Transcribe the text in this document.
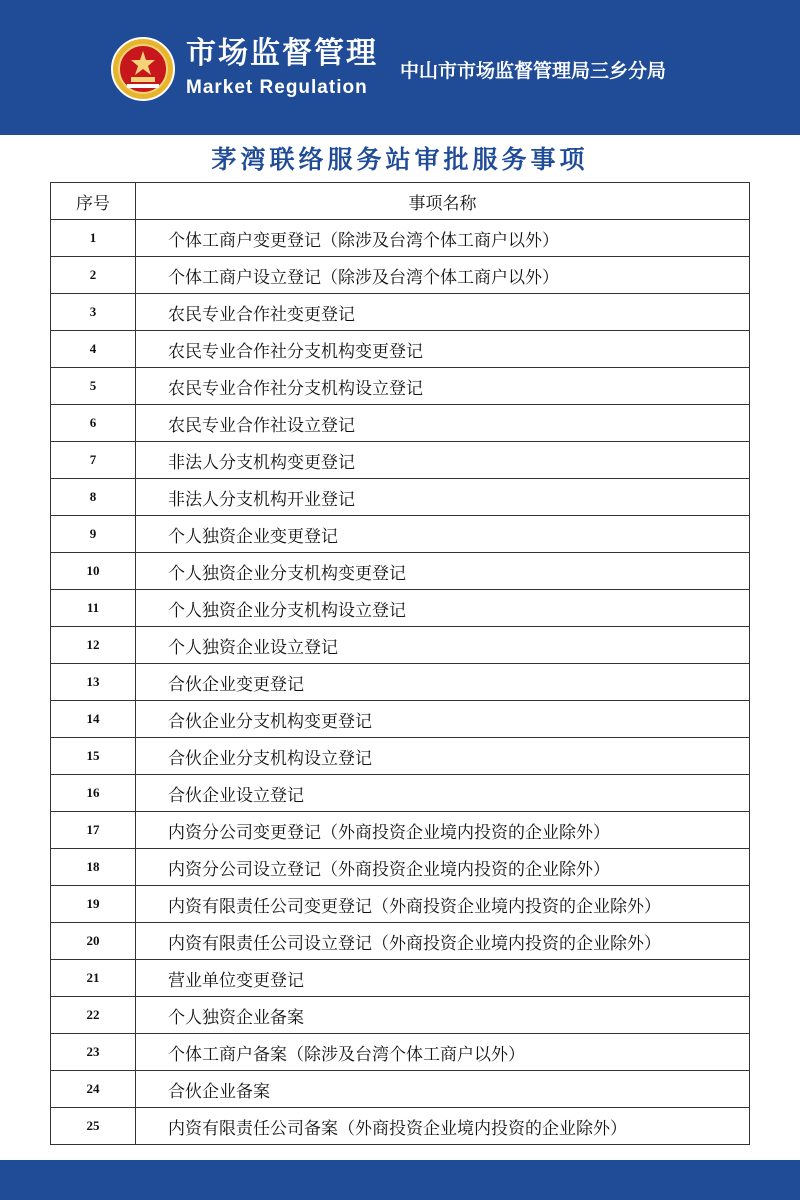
市场监督管理
Market Regulation
中山市市场监督管理局三乡分局
茅湾联络服务站审批服务事项
序号	事项名称
1	个体工商户变更登记（除涉及台湾个体工商户以外）
2	个体工商户设立登记（除涉及台湾个体工商户以外）
3	农民专业合作社变更登记
4	农民专业合作社分支机构变更登记
5	农民专业合作社分支机构设立登记
6	农民专业合作社设立登记
7	非法人分支机构变更登记
8	非法人分支机构开业登记
9	个人独资企业变更登记
10	个人独资企业分支机构变更登记
11	个人独资企业分支机构设立登记
12	个人独资企业设立登记
13	合伙企业变更登记
14	合伙企业分支机构变更登记
15	合伙企业分支机构设立登记
16	合伙企业设立登记
17	内资分公司变更登记（外商投资企业境内投资的企业除外）
18	内资分公司设立登记（外商投资企业境内投资的企业除外）
19	内资有限责任公司变更登记（外商投资企业境内投资的企业除外）
20	内资有限责任公司设立登记（外商投资企业境内投资的企业除外）
21	营业单位变更登记
22	个人独资企业备案
23	个体工商户备案（除涉及台湾个体工商户以外）
24	合伙企业备案
25	内资有限责任公司备案（外商投资企业境内投资的企业除外）
